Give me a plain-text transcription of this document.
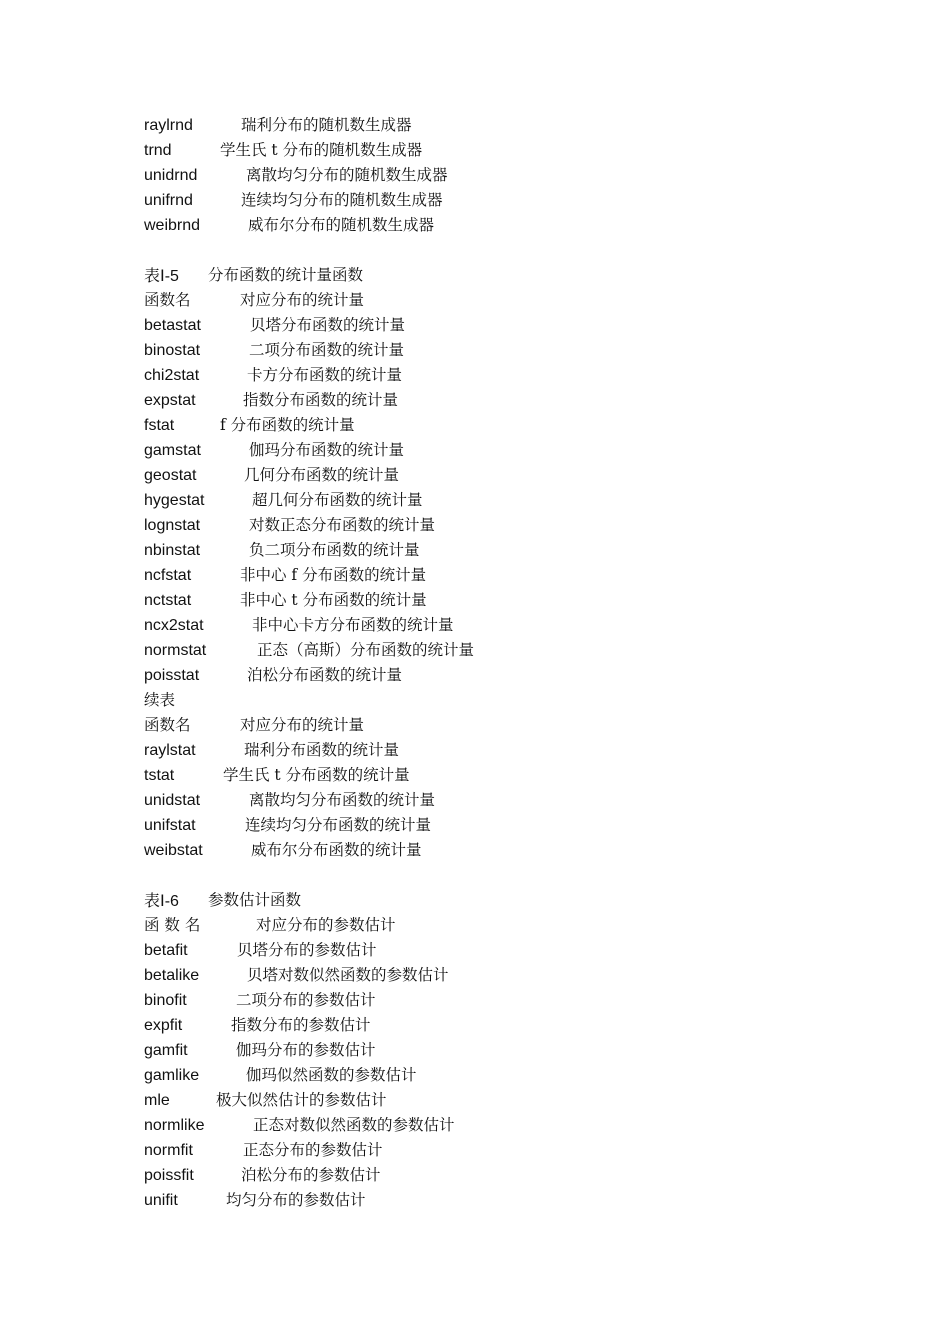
raylrnd	瑞利分布的随机数生成器
trnd	学生氏 t 分布的随机数生成器
unidrnd	离散均匀分布的随机数生成器
unifrnd	连续均匀分布的随机数生成器
weibrnd	威布尔分布的随机数生成器
表Ⅰ-5 分布函数的统计量函数
函数名	对应分布的统计量
betastat	贝塔分布函数的统计量
binostat	二项分布函数的统计量
chi2stat	卡方分布函数的统计量
expstat	指数分布函数的统计量
fstat	f 分布函数的统计量
gamstat	伽玛分布函数的统计量
geostat	几何分布函数的统计量
hygestat	超几何分布函数的统计量
lognstat	对数正态分布函数的统计量
nbinstat	负二项分布函数的统计量
ncfstat	非中心 f 分布函数的统计量
nctstat	非中心 t 分布函数的统计量
ncx2stat	非中心卡方分布函数的统计量
normstat	正态（高斯）分布函数的统计量
poisstat	泊松分布函数的统计量
续表
函数名	对应分布的统计量
raylstat	瑞利分布函数的统计量
tstat	学生氏 t 分布函数的统计量
unidstat	离散均匀分布函数的统计量
unifstat	连续均匀分布函数的统计量
weibstat	威布尔分布函数的统计量
表Ⅰ-6 参数估计函数
函 数 名	对应分布的参数估计
betafit	贝塔分布的参数估计
betalike	贝塔对数似然函数的参数估计
binofit	二项分布的参数估计
expfit	指数分布的参数估计
gamfit	伽玛分布的参数估计
gamlike	伽玛似然函数的参数估计
mle	极大似然估计的参数估计
normlike	正态对数似然函数的参数估计
normfit	正态分布的参数估计
poissfit	泊松分布的参数估计
unifit	均匀分布的参数估计
